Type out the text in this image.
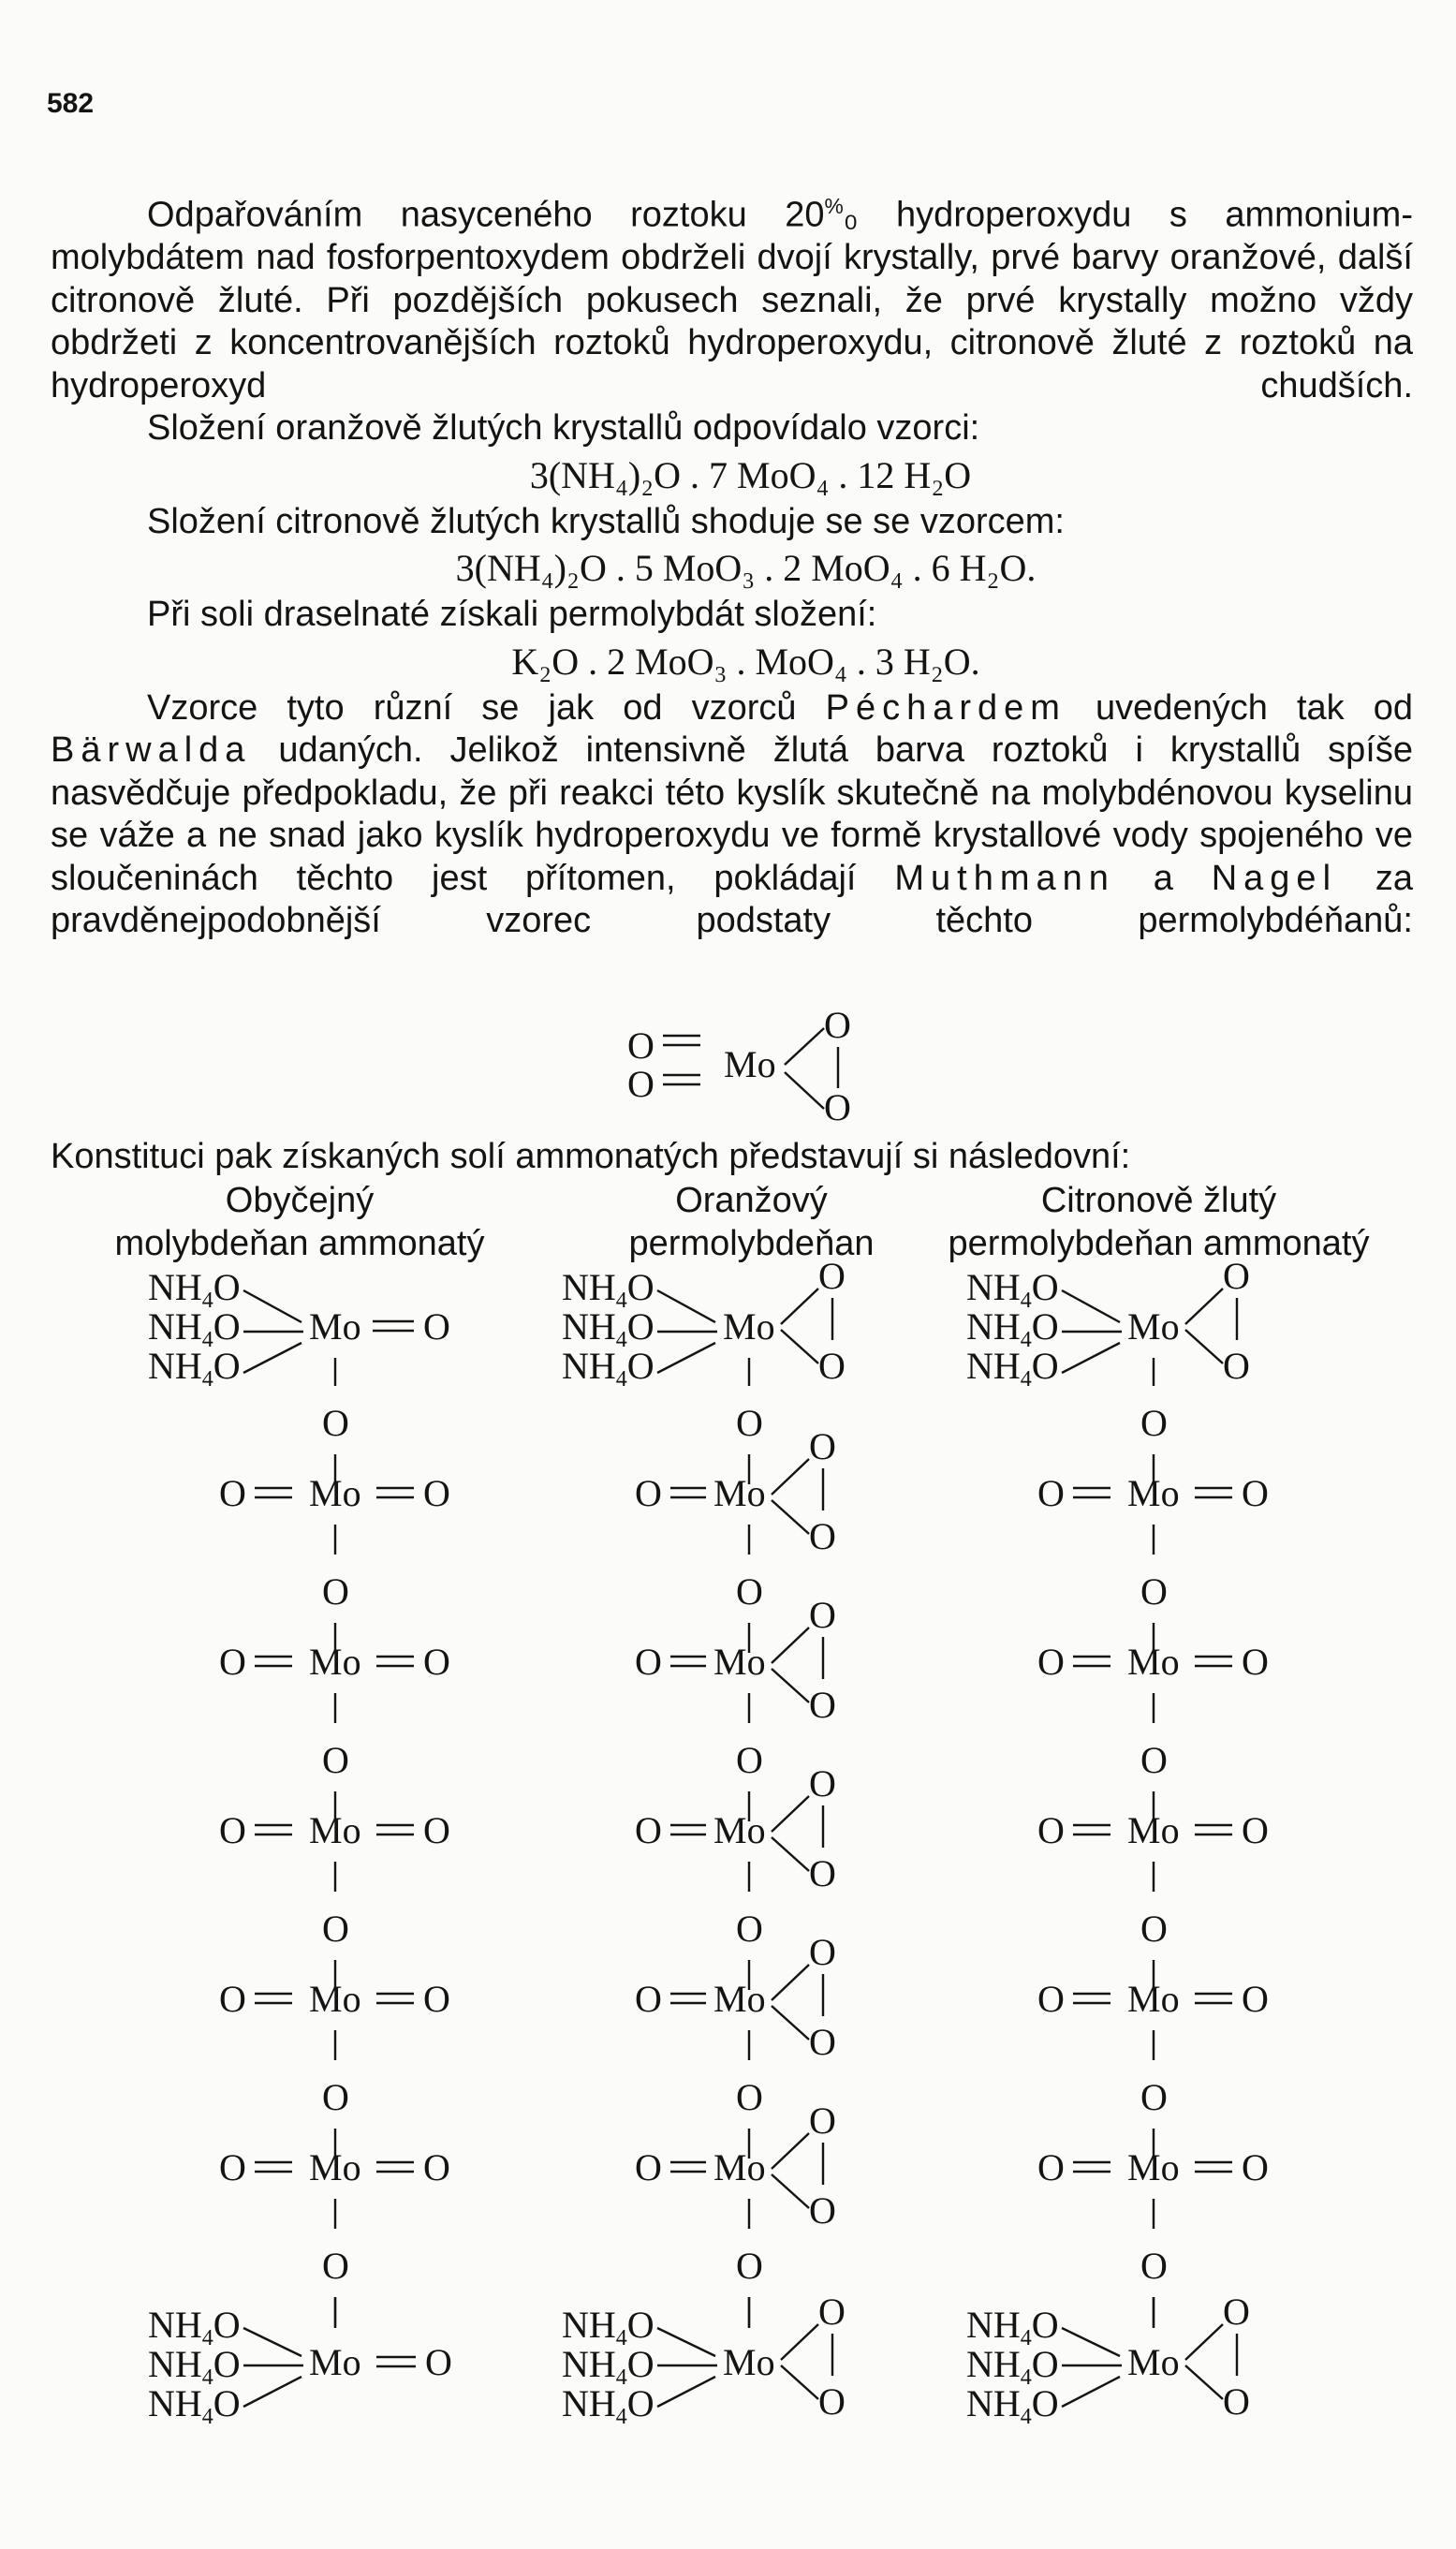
582

Odpařováním nasyceného roztoku 20%₀ hydroperoxydu s ammonium-molybdátem nad fosforpentoxydem obdrželi dvojí krystally, prvé barvy oranžové, další citronově žluté. Při pozdějších pokusech seznali, že prvé krystally možno vždy obdržeti z koncentrovanějších roztoků hydroperoxydu, citronově žluté z roztoků na hydroperoxyd chudších.

Složení oranžově žlutých krystallů odpovídalo vzorci:

3(NH₄)₂O . 7 MoO₄ . 12 H₂O

Složení citronově žlutých krystallů shoduje se se vzorcem:

3(NH₄)₂O . 5 MoO₃ . 2 MoO₄ . 6 H₂O.

Při soli draselnaté získali permolybdát složení:

K₂O . 2 MoO₃ . MoO₄ . 3 H₂O.

Vzorce tyto různí se jak od vzorců Péchardem uvedených tak od Bärwalda udaných. Jelikož intensivně žlutá barva roztoků i krystallů spíše nasvědčuje předpokladu, že při reakci této kyslík skutečně na molybdénovou kyselinu se váže a ne snad jako kyslík hydroperoxydu ve formě krystallové vody spojeného ve sloučeninách těchto jest přítomen, pokládají Muthmann a Nagel za pravděnejpodobnější vzorec podstaty těchto permolybdéňanů:

Konstituci pak získaných solí ammonatých představují si následovní:

Obyčejný
molybdeňan ammonatý
Oranžový
permolybdeňan
Citronově žlutý
permolybdeňan ammonatý
O
O Mo
O
O
$NH_4O$
$NH_4O$
$NH_4O$
Mo O
O
O Mo O
O
O Mo O
O
O Mo O
O
O Mo O
O
O Mo O
O
$NH_4O$
$NH_4O$
$NH_4O$
Mo O
$NH_4O$
$NH_4O$
$NH_4O$
Mo
O
O
O
O Mo
O
O
O
O Mo
O
O
O
O Mo
O
O
O
O Mo
O
O
O
O Mo
O
O
O
$NH_4O$
$NH_4O$
$NH_4O$
Mo
O
O
$NH_4O$
$NH_4O$
$NH_4O$
Mo
O
O
O
O Mo O
O
O Mo O
O
O Mo O
O
O Mo O
O
O Mo O
O
$NH_4O$
$NH_4O$
$NH_4O$
Mo
O
O
